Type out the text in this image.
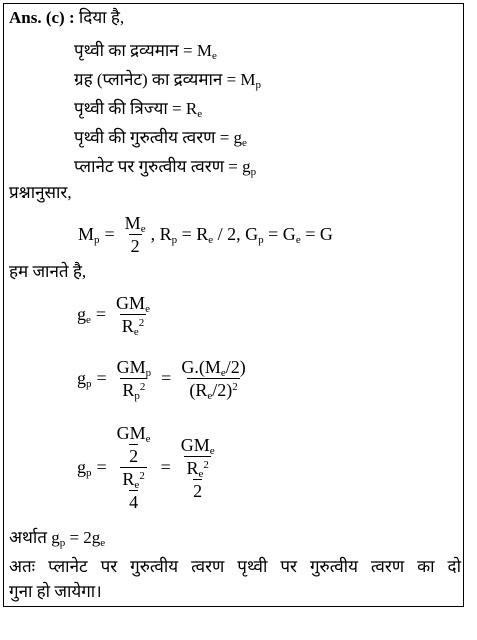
Ans. (c) : दिया है,
पृथ्वी का द्रव्यमान = $M_e$
ग्रह (प्लानेट) का द्रव्यमान = $M_p$
पृथ्वी की त्रिज्या = $R_e$
पृथ्वी की गुरुत्वीय त्वरण = $g_e$
प्लानेट पर गुरुत्वीय त्वरण = $g_p$
प्रश्नानुसार,
$M_p = \frac{M_e}{2}$ , $R_p = R_e / 2$, $G_p = G_e = G$
हम जानते है,
$g_e = \frac{GM_e}{R_e^2}$
$g_p = \frac{GM_p}{R_p^2} = \frac{G.(M_e/2)}{(R_e/2)^2}$
$g_p = GM_e$
2
$\frac{R_e^2}{4} = \frac{GM_e}{\frac{R_e^2}{2}}$
अर्थात $g_p = 2g_e$
अतः प्लानेट पर गुरुत्वीय त्वरण पृथ्वी पर गुरुत्वीय त्वरण का दो
गुना हो जायेगा।
